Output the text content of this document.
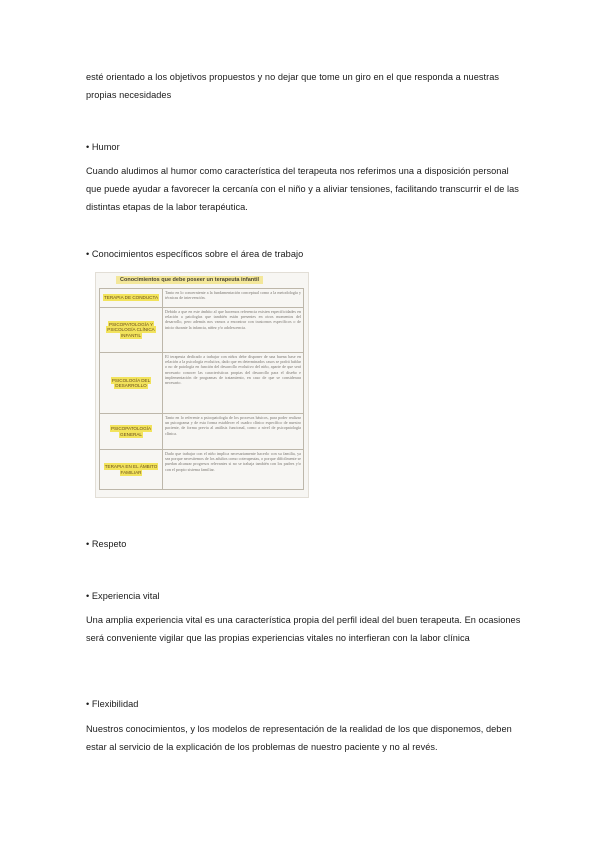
esté orientado a los objetivos propuestos y no dejar que tome un giro en el que responda a nuestras propias necesidades
• Humor
Cuando aludimos al humor como característica del terapeuta nos referimos una a disposición personal que puede ayudar a favorecer la cercanía con el niño y a aliviar tensiones, facilitando transcurrir el de las distintas etapas de la labor terapéutica.
• Conocimientos específicos sobre el área de trabajo
Conocimientos que debe poseer un terapeuta infantil
TERAPIA DE CONDUCTA	Tanto en lo concerniente a la fundamentación conceptual como a la metodología y técnicas de intervención.
PSICOPATOLOGÍA Y PSICOLOGÍA CLÍNICA INFANTIL	Debido a que en este ámbito al que hacemos referencia existen especificidades en relación a patologías que también están presentes en otros momentos del desarrollo, pero además nos vamos a encontrar con trastornos específicos o de inicio durante la infancia, niñez y/o adolescencia.
PSICOLOGÍA DEL DESARROLLO	El terapeuta dedicado a trabajar con niños debe disponer de una buena base en relación a la psicología evolutiva, dado que en determinados casos se podrá hablar o no de patología en función del desarrollo evolutivo del niño, aparte de que será necesario conocer las características propias del desarrollo para el diseño e implementación de programas de tratamiento, en caso de que se considerara necesario.
PSICOPATOLOGÍA GENERAL	Tanto en lo referente a psicopatología de los procesos básicos, para poder realizar un psicograma y de esta forma establecer el cuadro clínico específico de nuestro paciente, de forma previa al análisis funcional, como a nivel de psicopatología clínica.
TERAPIA EN EL ÁMBITO FAMILIAR	Dado que trabajar con el niño implica necesariamente hacerlo con su familia, ya sea porque necesitemos de los adultos como coterapeutas, o porque difícilmente se puedan alcanzar progresos relevantes si no se trabaja también con los padres y/o con el propio sistema familiar.
• Respeto
• Experiencia vital
Una amplia experiencia vital es una característica propia del perfil ideal del buen terapeuta. En ocasiones será conveniente vigilar que las propias experiencias vitales no interfieran con la labor clínica
• Flexibilidad
Nuestros conocimientos, y los modelos de representación de la realidad de los que disponemos, deben estar al servicio de la explicación de los problemas de nuestro paciente y no al revés.
